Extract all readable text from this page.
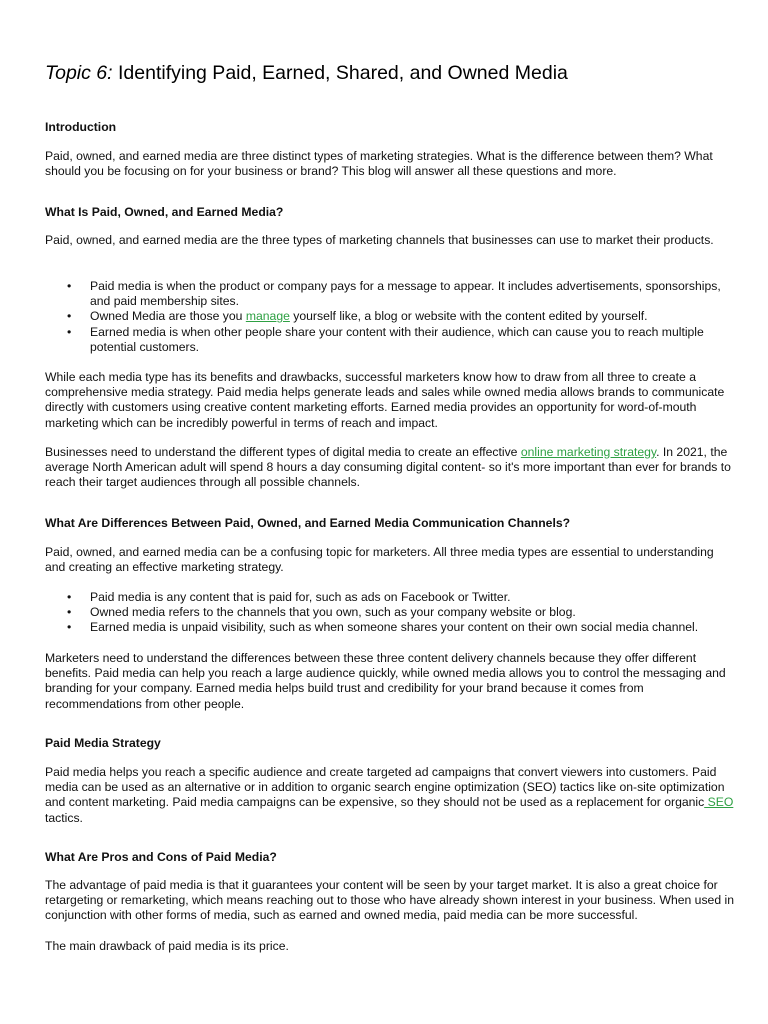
Topic 6: Identifying Paid, Earned, Shared, and Owned Media
Introduction
Paid, owned, and earned media are three distinct types of marketing strategies. What is the difference between them? What should you be focusing on for your business or brand? This blog will answer all these questions and more.
What Is Paid, Owned, and Earned Media?
Paid, owned, and earned media are the three types of marketing channels that businesses can use to market their products.
• Paid media is when the product or company pays for a message to appear. It includes advertisements, sponsorships, and paid membership sites.
• Owned Media are those you manage yourself like, a blog or website with the content edited by yourself.
• Earned media is when other people share your content with their audience, which can cause you to reach multiple potential customers.
While each media type has its benefits and drawbacks, successful marketers know how to draw from all three to create a comprehensive media strategy. Paid media helps generate leads and sales while owned media allows brands to communicate directly with customers using creative content marketing efforts. Earned media provides an opportunity for word-of-mouth marketing which can be incredibly powerful in terms of reach and impact.
Businesses need to understand the different types of digital media to create an effective online marketing strategy. In 2021, the average North American adult will spend 8 hours a day consuming digital content- so it's more important than ever for brands to reach their target audiences through all possible channels.
What Are Differences Between Paid, Owned, and Earned Media Communication Channels?
Paid, owned, and earned media can be a confusing topic for marketers. All three media types are essential to understanding and creating an effective marketing strategy.
• Paid media is any content that is paid for, such as ads on Facebook or Twitter.
• Owned media refers to the channels that you own, such as your company website or blog.
• Earned media is unpaid visibility, such as when someone shares your content on their own social media channel.
Marketers need to understand the differences between these three content delivery channels because they offer different benefits. Paid media can help you reach a large audience quickly, while owned media allows you to control the messaging and branding for your company. Earned media helps build trust and credibility for your brand because it comes from recommendations from other people.
Paid Media Strategy
Paid media helps you reach a specific audience and create targeted ad campaigns that convert viewers into customers. Paid media can be used as an alternative or in addition to organic search engine optimization (SEO) tactics like on-site optimization and content marketing. Paid media campaigns can be expensive, so they should not be used as a replacement for organic SEO tactics.
What Are Pros and Cons of Paid Media?
The advantage of paid media is that it guarantees your content will be seen by your target market. It is also a great choice for retargeting or remarketing, which means reaching out to those who have already shown interest in your business. When used in conjunction with other forms of media, such as earned and owned media, paid media can be more successful.
The main drawback of paid media is its price.
